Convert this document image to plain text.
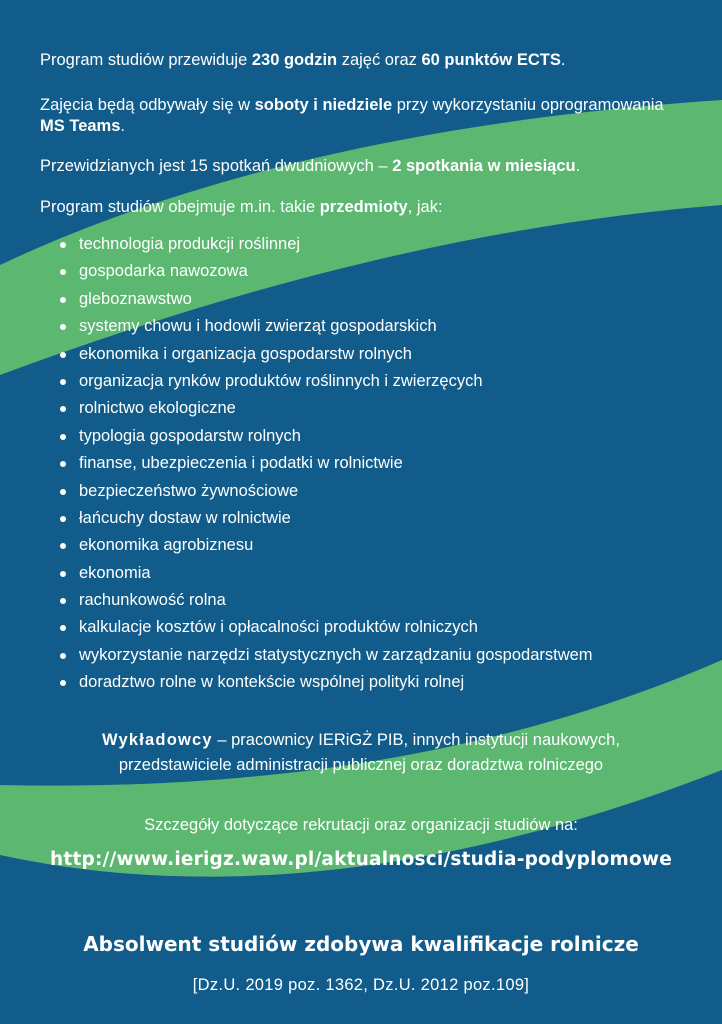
Program studiów przewiduje 230 godzin zajęć oraz 60 punktów ECTS.

Zajęcia będą odbywały się w soboty i niedziele przy wykorzystaniu oprogramowania MS Teams.

Przewidzianych jest 15 spotkań dwudniowych – 2 spotkania w miesiącu.

Program studiów obejmuje m.in. takie przedmioty, jak:

technologia produkcji roślinnej
gospodarka nawozowa
gleboznawstwo
systemy chowu i hodowli zwierząt gospodarskich
ekonomika i organizacja gospodarstw rolnych
organizacja rynków produktów roślinnych i zwierzęcych
rolnictwo ekologiczne
typologia gospodarstw rolnych
finanse, ubezpieczenia i podatki w rolnictwie
bezpieczeństwo żywnościowe
łańcuchy dostaw w rolnictwie
ekonomika agrobiznesu
ekonomia
rachunkowość rolna
kalkulacje kosztów i opłacalności produktów rolniczych
wykorzystanie narzędzi statystycznych w zarządzaniu gospodarstwem
doradztwo rolne w kontekście wspólnej polityki rolnej

Wykładowcy – pracownicy IERiGŻ PIB, innych instytucji naukowych,

przedstawiciele administracji publicznej oraz doradztwa rolniczego

Szczegóły dotyczące rekrutacji oraz organizacji studiów na:

http://www.ierigz.waw.pl/aktualnosci/studia-podyplomowe

Absolwent studiów zdobywa kwalifikacje rolnicze

[Dz.U. 2019 poz. 1362, Dz.U. 2012 poz.109]
